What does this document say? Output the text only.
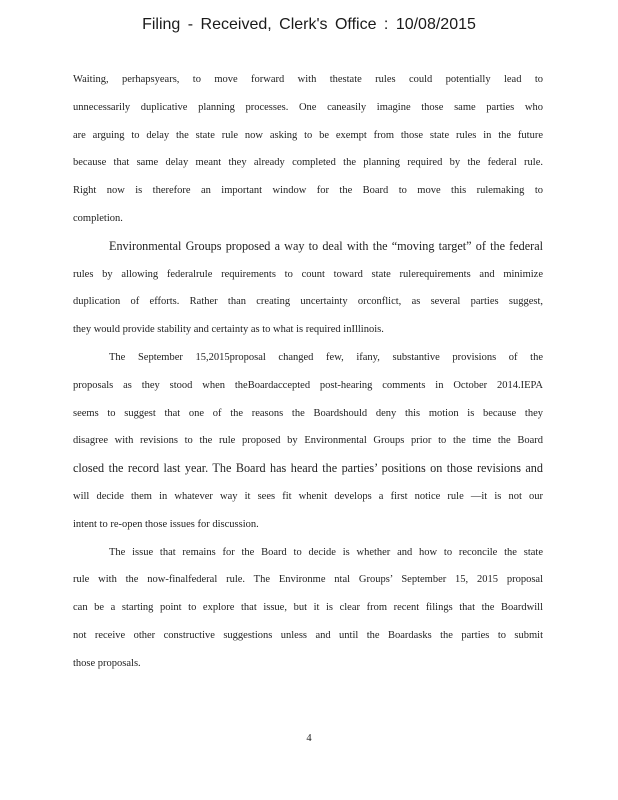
Filing - Received, Clerk's Office : 10/08/2015

Waiting, perhapsyears, to move forward with thestate rules could potentially lead to
unnecessarily duplicative planning processes. One caneasily imagine those same parties who
are arguing to delay the state rule now asking to be exempt from those state rules in the future
because that same delay meant they already completed the planning required by the federal rule.
Right now is therefore an important window for the Board to move this rulemaking to
completion.

Environmental Groups proposed a way to deal with the “moving target” of the federal
rules by allowing federalrule requirements to count toward state rulerequirements and minimize
duplication of efforts. Rather than creating uncertainty orconflict, as several parties suggest,
they would provide stability and certainty as to what is required inIllinois.

The September 15,2015proposal changed few, ifany, substantive provisions of the
proposals as they stood when theBoardaccepted post-hearing comments in October 2014.IEPA
seems to suggest that one of the reasons the Boardshould deny this motion is because they
disagree with revisions to the rule proposed by Environmental Groups prior to the time the Board
closed the record last year. The Board has heard the parties’ positions on those revisions and
will decide them in whatever way it sees fit whenit develops a first notice rule —it is not our
intent to re-open those issues for discussion.

The issue that remains for the Board to decide is whether and how to reconcile the state
rule with the now-finalfederal rule. The Environme ntal Groups’ September 15, 2015 proposal
can be a starting point to explore that issue, but it is clear from recent filings that the Boardwill
not receive other constructive suggestions unless and until the Boardasks the parties to submit
those proposals.

4
